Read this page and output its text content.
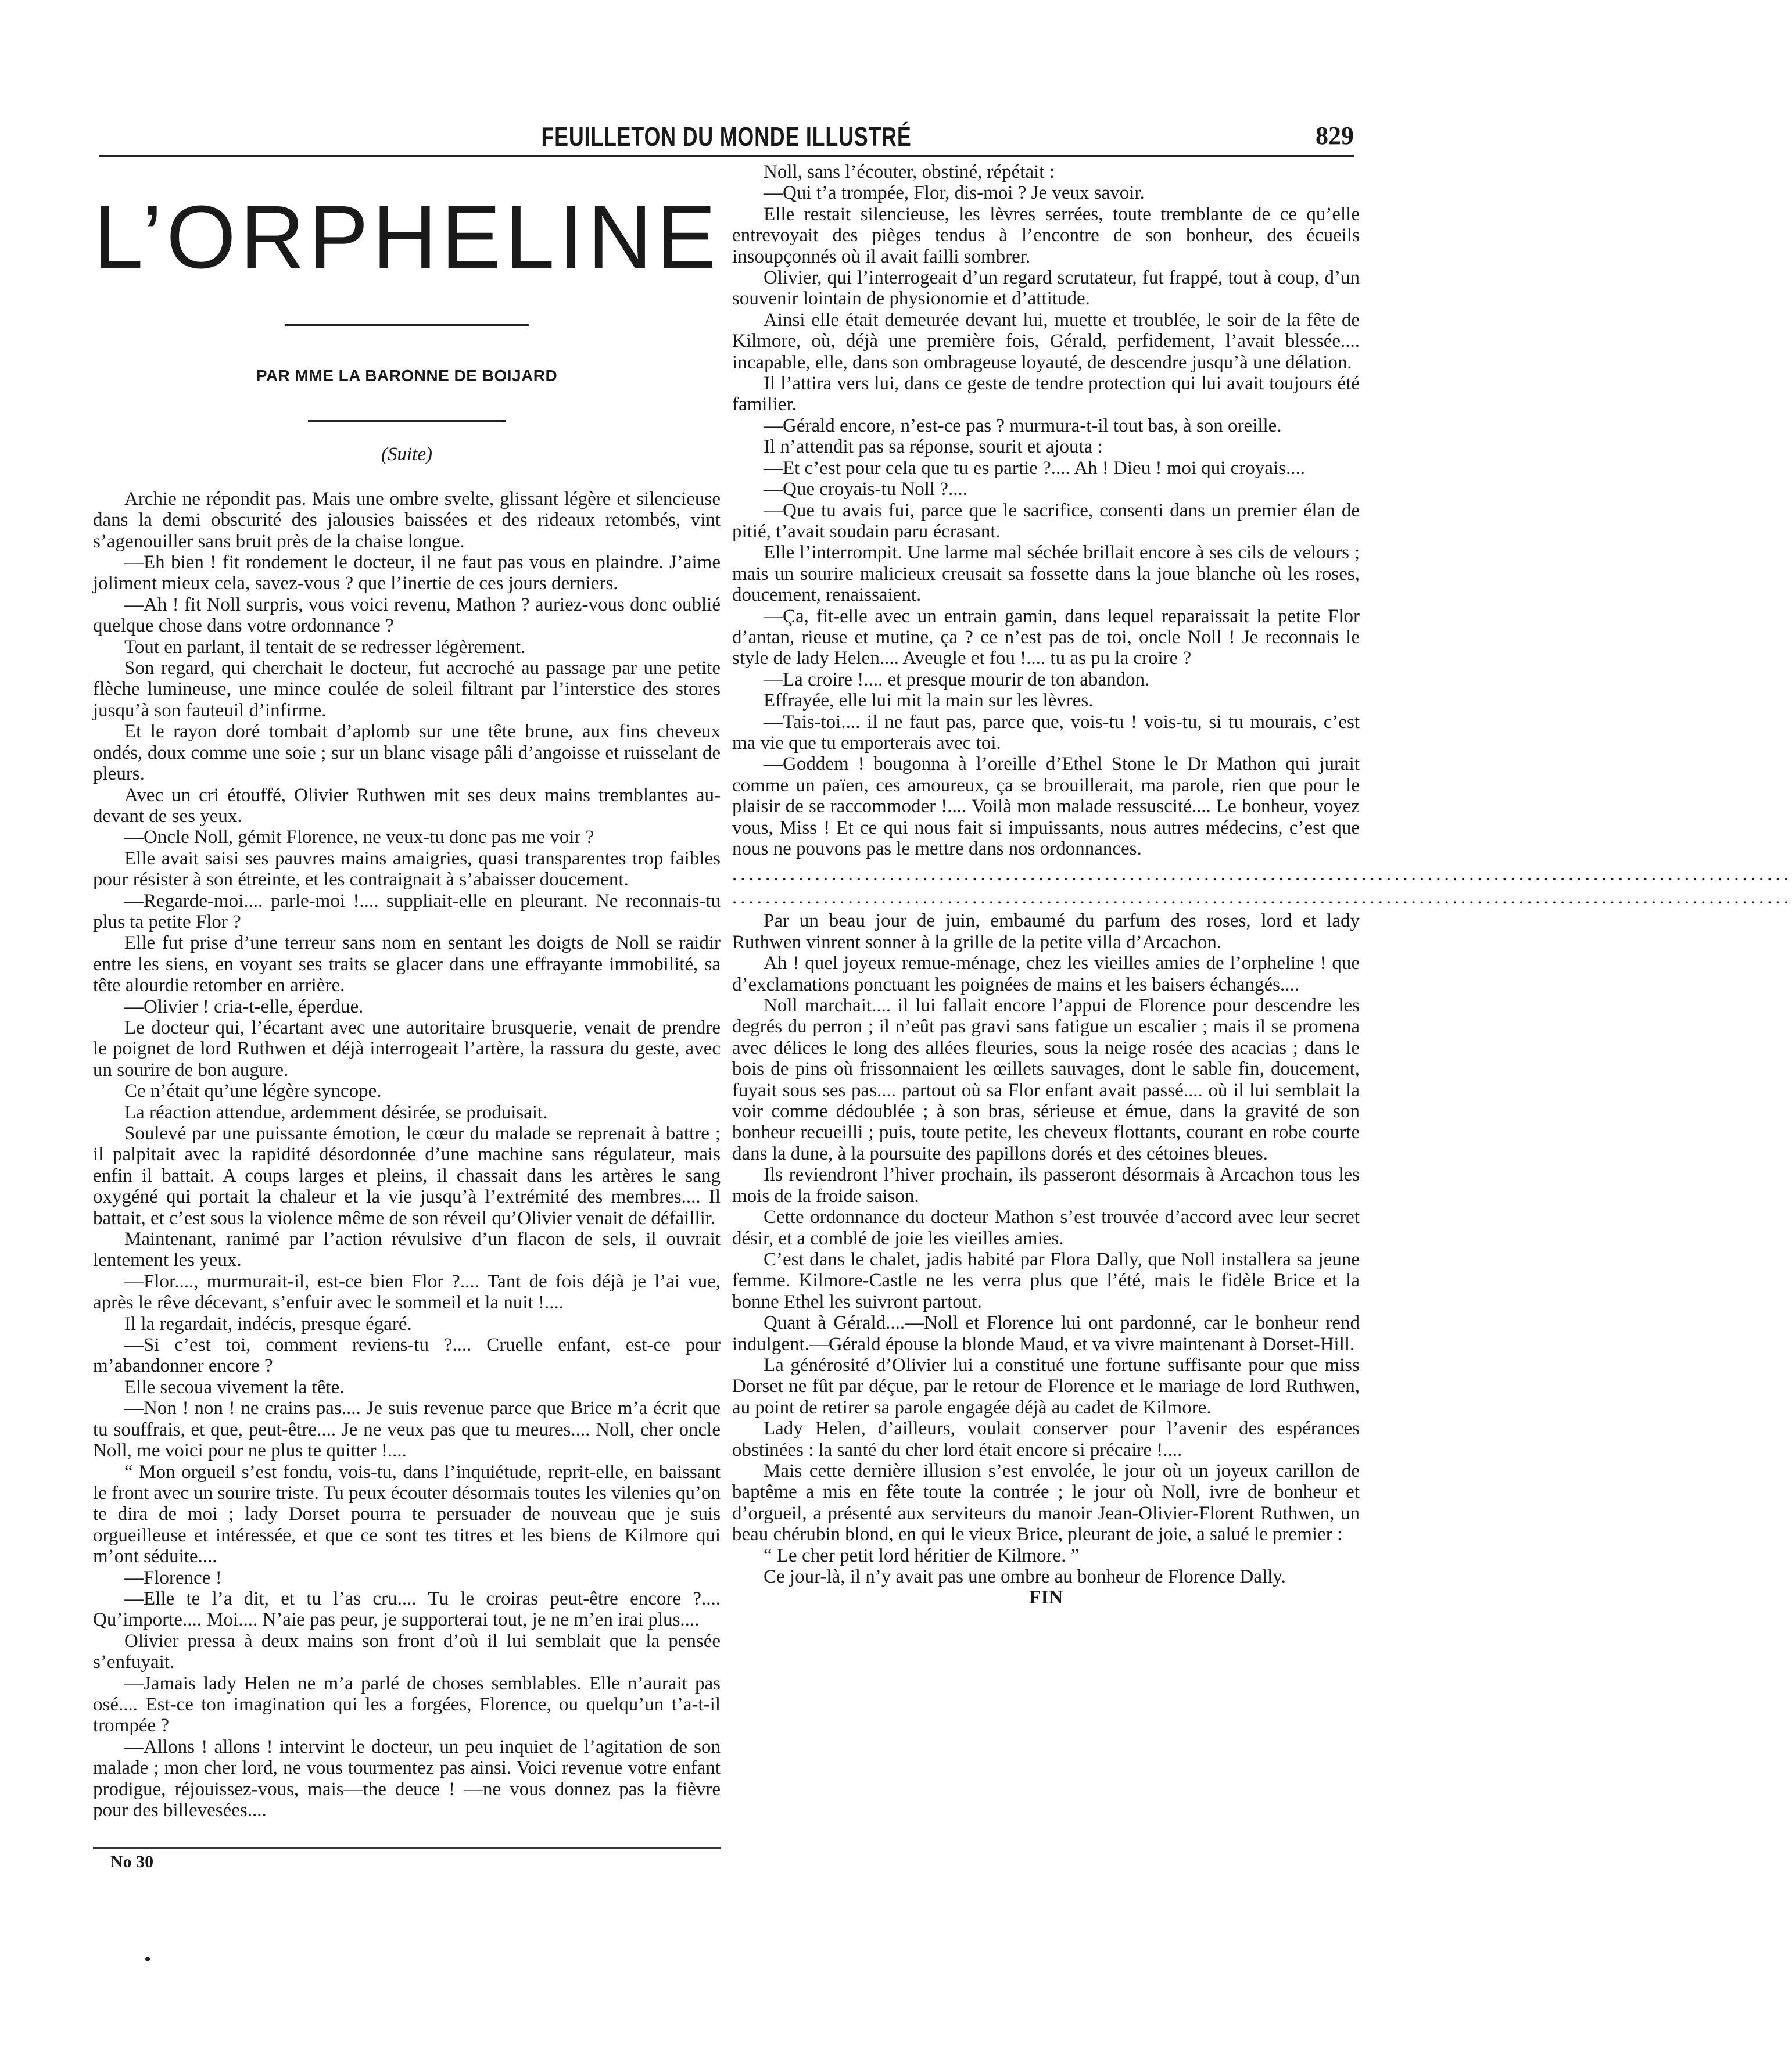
FEUILLETON DU MONDE ILLUSTRÉ	829
L’ORPHELINE
PAR MME LA BARONNE DE BOIJARD
(Suite)

Archie ne répondit pas. Mais une ombre svelte, glissant légère et silencieuse dans la demi obscurité des jalousies baissées et des rideaux retombés, vint s’agenouiller sans bruit près de la chaise longue.

—Eh bien ! fit rondement le docteur, il ne faut pas vous en plaindre. J’aime joliment mieux cela, savez-vous ? que l’inertie de ces jours derniers.

—Ah ! fit Noll surpris, vous voici revenu, Mathon ? auriez-vous donc oublié quelque chose dans votre ordonnance ?

Tout en parlant, il tentait de se redresser légèrement.

Son regard, qui cherchait le docteur, fut accroché au passage par une petite flèche lumineuse, une mince coulée de soleil filtrant par l’interstice des stores jusqu’à son fauteuil d’infirme.

Et le rayon doré tombait d’aplomb sur une tête brune, aux fins cheveux ondés, doux comme une soie ; sur un blanc visage pâli d’angoisse et ruisselant de pleurs.

Avec un cri étouffé, Olivier Ruthwen mit ses deux mains tremblantes au-devant de ses yeux.

—Oncle Noll, gémit Florence, ne veux-tu donc pas me voir ?

Elle avait saisi ses pauvres mains amaigries, quasi transparentes trop faibles pour résister à son étreinte, et les contraignait à s’abaisser doucement.

—Regarde-moi.... parle-moi !.... suppliait-elle en pleurant. Ne reconnais-tu plus ta petite Flor ?

Elle fut prise d’une terreur sans nom en sentant les doigts de Noll se raidir entre les siens, en voyant ses traits se glacer dans une effrayante immobilité, sa tête alourdie retomber en arrière.

—Olivier ! cria-t-elle, éperdue.

Le docteur qui, l’écartant avec une autoritaire brusquerie, venait de prendre le poignet de lord Ruthwen et déjà interrogeait l’artère, la rassura du geste, avec un sourire de bon augure.

Ce n’était qu’une légère syncope.

La réaction attendue, ardemment désirée, se produisait.

Soulevé par une puissante émotion, le cœur du malade se reprenait à battre ; il palpitait avec la rapidité désordonnée d’une machine sans régulateur, mais enfin il battait. A coups larges et pleins, il chassait dans les artères le sang oxygéné qui portait la chaleur et la vie jusqu’à l’extrémité des membres.... Il battait, et c’est sous la violence même de son réveil qu’Olivier venait de défaillir.

Maintenant, ranimé par l’action révulsive d’un flacon de sels, il ouvrait lentement les yeux.

—Flor...., murmurait-il, est-ce bien Flor ?.... Tant de fois déjà je l’ai vue, après le rêve décevant, s’enfuir avec le sommeil et la nuit !....

Il la regardait, indécis, presque égaré.

—Si c’est toi, comment reviens-tu ?.... Cruelle enfant, est-ce pour m’abandonner encore ?

Elle secoua vivement la tête.

—Non ! non ! ne crains pas.... Je suis revenue parce que Brice m’a écrit que tu souffrais, et que, peut-être.... Je ne veux pas que tu meures.... Noll, cher oncle Noll, me voici pour ne plus te quitter !....

“ Mon orgueil s’est fondu, vois-tu, dans l’inquiétude, reprit-elle, en baissant le front avec un sourire triste. Tu peux écouter désormais toutes les vilenies qu’on te dira de moi ; lady Dorset pourra te persuader de nouveau que je suis orgueilleuse et intéressée, et que ce sont tes titres et les biens de Kilmore qui m’ont séduite....

—Florence !

—Elle te l’a dit, et tu l’as cru.... Tu le croiras peut-être encore ?.... Qu’importe.... Moi.... N’aie pas peur, je supporterai tout, je ne m’en irai plus....

Olivier pressa à deux mains son front d’où il lui semblait que la pensée s’enfuyait.

—Jamais lady Helen ne m’a parlé de choses semblables. Elle n’aurait pas osé.... Est-ce ton imagination qui les a forgées, Florence, ou quelqu’un t’a-t-il trompée ?

—Allons ! allons ! intervint le docteur, un peu inquiet de l’agitation de son malade ; mon cher lord, ne vous tourmentez pas ainsi. Voici revenue votre enfant prodigue, réjouissez-vous, mais—the deuce ! —ne vous donnez pas la fièvre pour des billevesées....

Noll, sans l’écouter, obstiné, répétait :

—Qui t’a trompée, Flor, dis-moi ? Je veux savoir.

Elle restait silencieuse, les lèvres serrées, toute tremblante de ce qu’elle entrevoyait des pièges tendus à l’encontre de son bonheur, des écueils insoupçonnés où il avait failli sombrer.

Olivier, qui l’interrogeait d’un regard scrutateur, fut frappé, tout à coup, d’un souvenir lointain de physionomie et d’attitude.

Ainsi elle était demeurée devant lui, muette et troublée, le soir de la fête de Kilmore, où, déjà une première fois, Gérald, perfidement, l’avait blessée.... incapable, elle, dans son ombrageuse loyauté, de descendre jusqu’à une délation.

Il l’attira vers lui, dans ce geste de tendre protection qui lui avait toujours été familier.

—Gérald encore, n’est-ce pas ? murmura-t-il tout bas, à son oreille.

Il n’attendit pas sa réponse, sourit et ajouta :

—Et c’est pour cela que tu es partie ?.... Ah ! Dieu ! moi qui croyais....

—Que croyais-tu Noll ?....

—Que tu avais fui, parce que le sacrifice, consenti dans un premier élan de pitié, t’avait soudain paru écrasant.

Elle l’interrompit. Une larme mal séchée brillait encore à ses cils de velours ; mais un sourire malicieux creusait sa fossette dans la joue blanche où les roses, doucement, renaissaient.

—Ça, fit-elle avec un entrain gamin, dans lequel reparaissait la petite Flor d’antan, rieuse et mutine, ça ? ce n’est pas de toi, oncle Noll ! Je reconnais le style de lady Helen.... Aveugle et fou !.... tu as pu la croire ?

—La croire !.... et presque mourir de ton abandon.

Effrayée, elle lui mit la main sur les lèvres.

—Tais-toi.... il ne faut pas, parce que, vois-tu ! vois-tu, si tu mourais, c’est ma vie que tu emporterais avec toi.

—Goddem ! bougonna à l’oreille d’Ethel Stone le Dr Mathon qui jurait comme un païen, ces amoureux, ça se brouillerait, ma parole, rien que pour le plaisir de se raccommoder !.... Voilà mon malade ressuscité.... Le bonheur, voyez vous, Miss ! Et ce qui nous fait si impuissants, nous autres médecins, c’est que nous ne pouvons pas le mettre dans nos ordonnances.

................................................................................................................................

................................................................................................................................

Par un beau jour de juin, embaumé du parfum des roses, lord et lady Ruthwen vinrent sonner à la grille de la petite villa d’Arcachon.

Ah ! quel joyeux remue-ménage, chez les vieilles amies de l’orpheline ! que d’exclamations ponctuant les poignées de mains et les baisers échangés....

Noll marchait.... il lui fallait encore l’appui de Florence pour descendre les degrés du perron ; il n’eût pas gravi sans fatigue un escalier ; mais il se promena avec délices le long des allées fleuries, sous la neige rosée des acacias ; dans le bois de pins où frissonnaient les œillets sauvages, dont le sable fin, doucement, fuyait sous ses pas.... partout où sa Flor enfant avait passé.... où il lui semblait la voir comme dédoublée ; à son bras, sérieuse et émue, dans la gravité de son bonheur recueilli ; puis, toute petite, les cheveux flottants, courant en robe courte dans la dune, à la poursuite des papillons dorés et des cétoines bleues.

Ils reviendront l’hiver prochain, ils passeront désormais à Arcachon tous les mois de la froide saison.

Cette ordonnance du docteur Mathon s’est trouvée d’accord avec leur secret désir, et a comblé de joie les vieilles amies.

C’est dans le chalet, jadis habité par Flora Dally, que Noll installera sa jeune femme. Kilmore-Castle ne les verra plus que l’été, mais le fidèle Brice et la bonne Ethel les suivront partout.

Quant à Gérald....—Noll et Florence lui ont pardonné, car le bonheur rend indulgent.—Gérald épouse la blonde Maud, et va vivre maintenant à Dorset-Hill.

La générosité d’Olivier lui a constitué une fortune suffisante pour que miss Dorset ne fût par déçue, par le retour de Florence et le mariage de lord Ruthwen, au point de retirer sa parole engagée déjà au cadet de Kilmore.

Lady Helen, d’ailleurs, voulait conserver pour l’avenir des espérances obstinées : la santé du cher lord était encore si précaire !....

Mais cette dernière illusion s’est envolée, le jour où un joyeux carillon de baptême a mis en fête toute la contrée ; le jour où Noll, ivre de bonheur et d’orgueil, a présenté aux serviteurs du manoir Jean-Olivier-Florent Ruthwen, un beau chérubin blond, en qui le vieux Brice, pleurant de joie, a salué le premier :

“ Le cher petit lord héritier de Kilmore. ”

Ce jour-là, il n’y avait pas une ombre au bonheur de Florence Dally.

FIN

No 30
